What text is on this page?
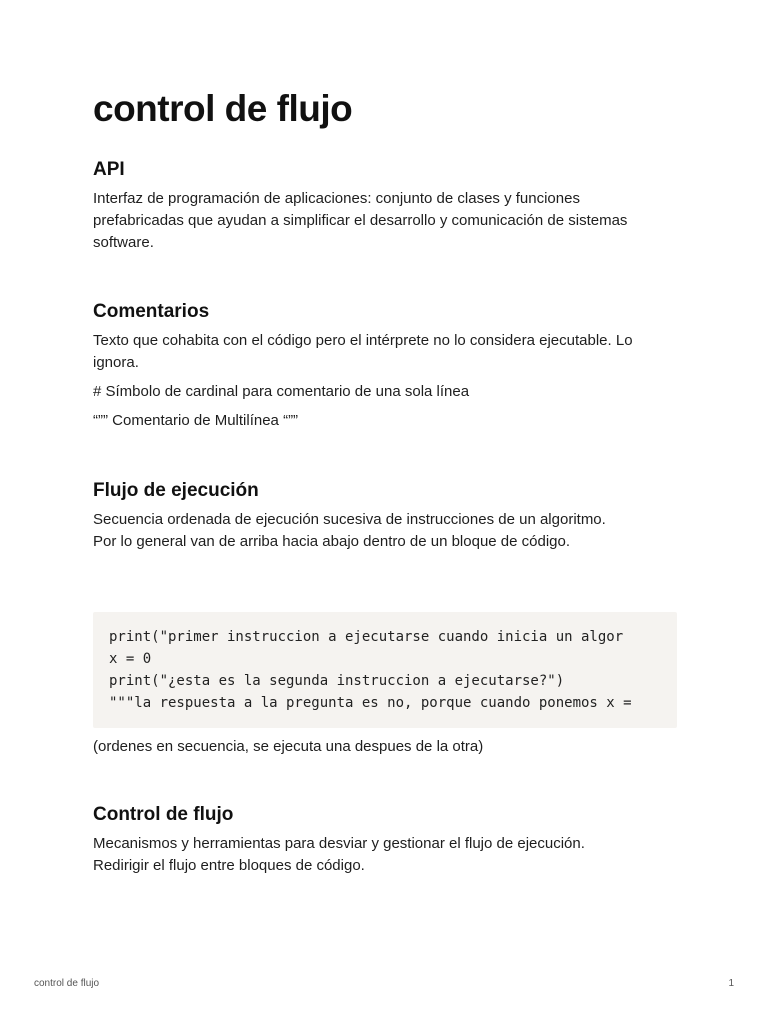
control de flujo
API

Interfaz de programación de aplicaciones: conjunto de clases y funciones prefabricadas que ayudan a simplificar el desarrollo y comunicación de sistemas software.

Comentarios

Texto que cohabita con el código pero el intérprete no lo considera ejecutable. Lo ignora.

# Símbolo de cardinal para comentario de una sola línea

“”” Comentario de Multilínea “””

Flujo de ejecución

Secuencia ordenada de ejecución sucesiva de instrucciones de un algoritmo.

Por lo general van de arriba hacia abajo dentro de un bloque de código.

print("primer instruccion a ejecutarse cuando inicia un algor
x = 0
print("¿esta es la segunda instruccion a ejecutarse?")
"""la respuesta a la pregunta es no, porque cuando ponemos x =

(ordenes en secuencia, se ejecuta una despues de la otra)

Control de flujo

Mecanismos y herramientas para desviar y gestionar el flujo de ejecución.

Redirigir el flujo entre bloques de código.

control de flujo	1
